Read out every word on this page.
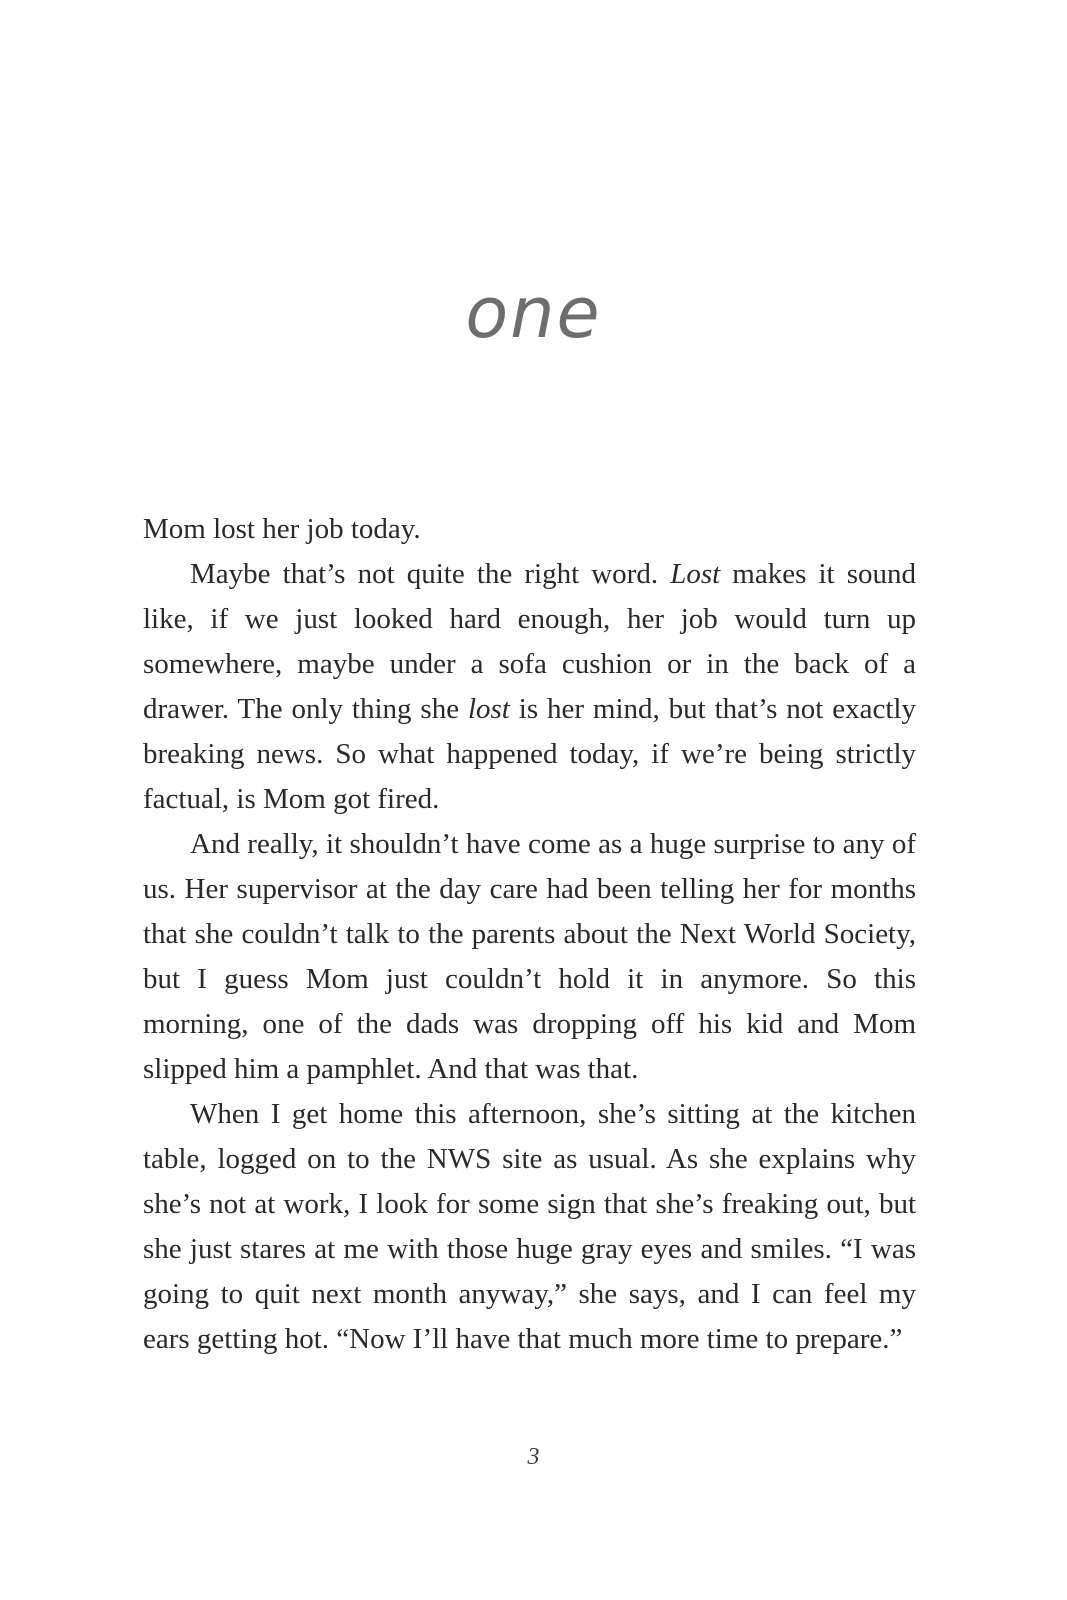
one

Mom lost her job today.

Maybe that’s not quite the right word. Lost makes it sound like, if we just looked hard enough, her job would turn up somewhere, maybe under a sofa cushion or in the back of a drawer. The only thing she lost is her mind, but that’s not exactly breaking news. So what happened today, if we’re being strictly factual, is Mom got fired.

And really, it shouldn’t have come as a huge surprise to any of us. Her supervisor at the day care had been telling her for months that she couldn’t talk to the parents about the Next World Society, but I guess Mom just couldn’t hold it in anymore. So this morning, one of the dads was dropping off his kid and Mom slipped him a pamphlet. And that was that.

When I get home this afternoon, she’s sitting at the kitchen table, logged on to the NWS site as usual. As she explains why she’s not at work, I look for some sign that she’s freaking out, but she just stares at me with those huge gray eyes and smiles. “I was going to quit next month anyway,” she says, and I can feel my ears getting hot. “Now I’ll have that much more time to prepare.”

3
